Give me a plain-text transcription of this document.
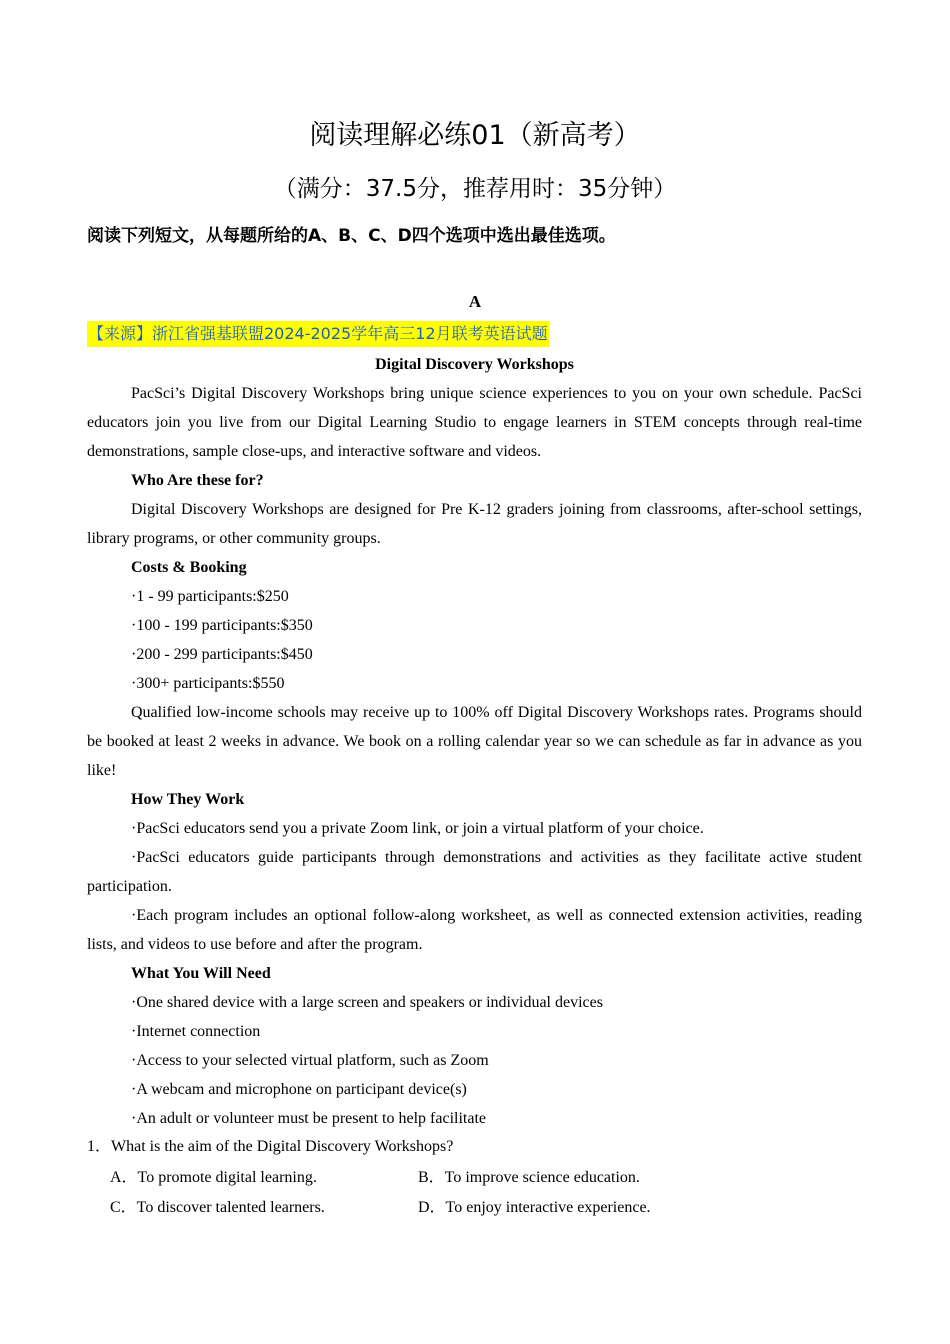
阅读理解必练01（新高考）
（满分：37.5分，推荐用时：35分钟）
阅读下列短文，从每题所给的A、B、C、D四个选项中选出最佳选项。
A
【来源】浙江省强基联盟2024-2025学年高三12月联考英语试题

Digital Discovery Workshops

PacSci’s Digital Discovery Workshops bring unique science experiences to you on your own schedule. PacSci educators join you live from our Digital Learning Studio to engage learners in STEM concepts through real-time demonstrations, sample close-ups, and interactive software and videos.

Who Are these for?

Digital Discovery Workshops are designed for Pre K-12 graders joining from classrooms, after-school settings, library programs, or other community groups.

Costs & Booking

·1 - 99 participants:$250

·100 - 199 participants:$350

·200 - 299 participants:$450

·300+ participants:$550

Qualified low-income schools may receive up to 100% off Digital Discovery Workshops rates. Programs should be booked at least 2 weeks in advance. We book on a rolling calendar year so we can schedule as far in advance as you like!

How They Work

·PacSci educators send you a private Zoom link, or join a virtual platform of your choice.

·PacSci educators guide participants through demonstrations and activities as they facilitate active student participation.

·Each program includes an optional follow-along worksheet, as well as connected extension activities, reading lists, and videos to use before and after the program.

What You Will Need

·One shared device with a large screen and speakers or individual devices

·Internet connection

·Access to your selected virtual platform, such as Zoom

·A webcam and microphone on participant device(s)

·An adult or volunteer must be present to help facilitate

1．What is the aim of the Digital Discovery Workshops?
A．To promote digital learning.	B．To improve science education.
C．To discover talented learners.	D．To enjoy interactive experience.
